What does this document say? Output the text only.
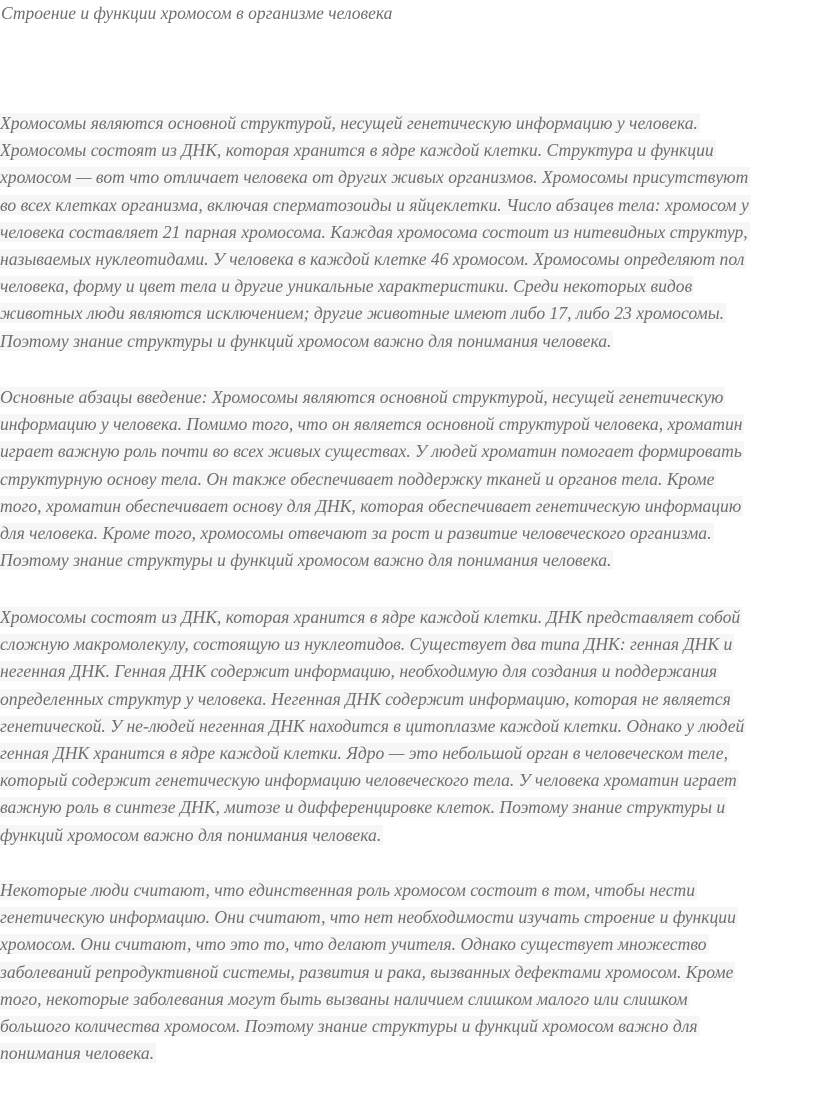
Строение и функции хромосом в организме человека
Хромосомы являются основной структурой, несущей генетическую информацию у человека.
Хромосомы состоят из ДНК, которая хранится в ядре каждой клетки. Структура и функции
хромосом — вот что отличает человека от других живых организмов. Хромосомы присутствуют
во всех клетках организма, включая сперматозоиды и яйцеклетки. Число абзацев тела: хромосом у
человека составляет 21 парная хромосома. Каждая хромосома состоит из нитевидных структур,
называемых нуклеотидами. У человека в каждой клетке 46 хромосом. Хромосомы определяют пол
человека, форму и цвет тела и другие уникальные характеристики. Среди некоторых видов
животных люди являются исключением; другие животные имеют либо 17, либо 23 хромосомы.
Поэтому знание структуры и функций хромосом важно для понимания человека.
Основные абзацы введение: Хромосомы являются основной структурой, несущей генетическую
информацию у человека. Помимо того, что он является основной структурой человека, хроматин
играет важную роль почти во всех живых существах. У людей хроматин помогает формировать
структурную основу тела. Он также обеспечивает поддержку тканей и органов тела. Кроме
того, хроматин обеспечивает основу для ДНК, которая обеспечивает генетическую информацию
для человека. Кроме того, хромосомы отвечают за рост и развитие человеческого организма.
Поэтому знание структуры и функций хромосом важно для понимания человека.
Хромосомы состоят из ДНК, которая хранится в ядре каждой клетки. ДНК представляет собой
сложную макромолекулу, состоящую из нуклеотидов. Существует два типа ДНК: генная ДНК и
негенная ДНК. Генная ДНК содержит информацию, необходимую для создания и поддержания
определенных структур у человека. Негенная ДНК содержит информацию, которая не является
генетической. У не-людей негенная ДНК находится в цитоплазме каждой клетки. Однако у людей
генная ДНК хранится в ядре каждой клетки. Ядро — это небольшой орган в человеческом теле,
который содержит генетическую информацию человеческого тела. У человека хроматин играет
важную роль в синтезе ДНК, митозе и дифференцировке клеток. Поэтому знание структуры и
функций хромосом важно для понимания человека.
Некоторые люди считают, что единственная роль хромосом состоит в том, чтобы нести
генетическую информацию. Они считают, что нет необходимости изучать строение и функции
хромосом. Они считают, что это то, что делают учителя. Однако существует множество
заболеваний репродуктивной системы, развития и рака, вызванных дефектами хромосом. Кроме
того, некоторые заболевания могут быть вызваны наличием слишком малого или слишком
большого количества хромосом. Поэтому знание структуры и функций хромосом важно для
понимания человека.
